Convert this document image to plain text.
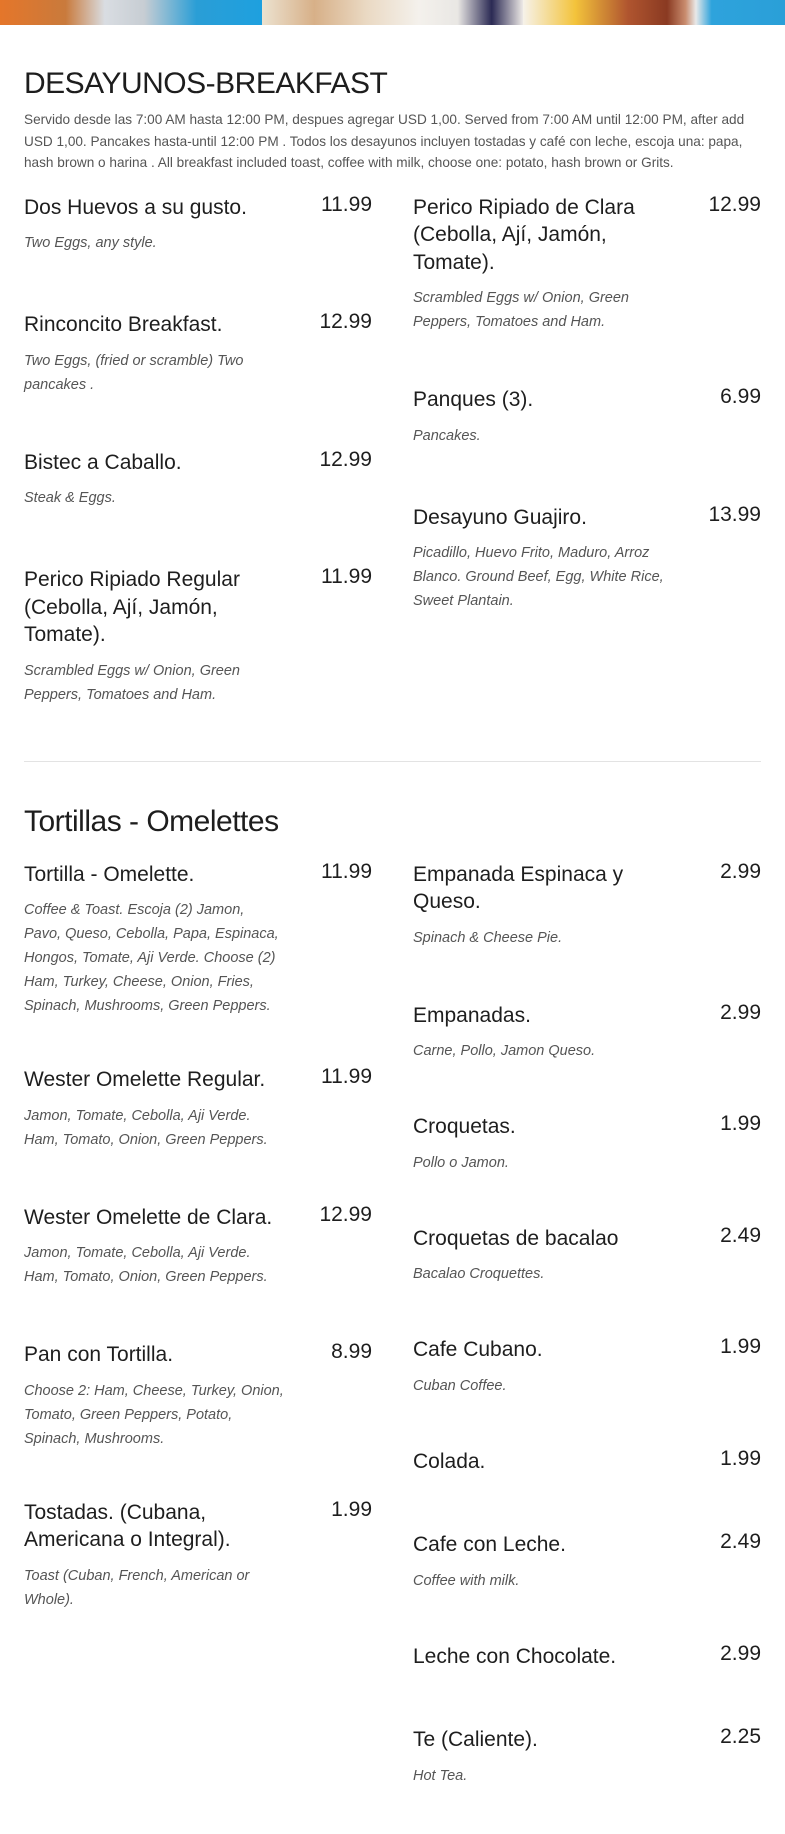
DESAYUNOS-BREAKFAST

Servido desde las 7:00 AM hasta 12:00 PM, despues agregar USD 1,00. Served from 7:00 AM until 12:00 PM, after add USD 1,00. Pancakes hasta-until 12:00 PM . Todos los desayunos incluyen tostadas y café con leche, escoja una: papa, hash brown o harina . All breakfast included toast, coffee with milk, choose one: potato, hash brown or Grits.

Dos Huevos a su gusto.	11.99
Two Eggs, any style.
Rinconcito Breakfast.	12.99
Two Eggs, (fried or scramble) Two pancakes .
Bistec a Caballo.	12.99
Steak & Eggs.
Perico Ripiado Regular (Cebolla, Ají, Jamón, Tomate).
11.99
Scrambled Eggs w/ Onion, Green Peppers, Tomatoes and Ham.
Perico Ripiado de Clara (Cebolla, Ají, Jamón, Tomate).
12.99
Scrambled Eggs w/ Onion, Green Peppers, Tomatoes and Ham.
Panques (3).	6.99
Pancakes.
Desayuno Guajiro.	13.99
Picadillo, Huevo Frito, Maduro, Arroz Blanco. Ground Beef, Egg, White Rice, Sweet Plantain.
Tortillas - Omelettes
Tortilla - Omelette.	11.99
Coffee & Toast. Escoja (2) Jamon, Pavo, Queso, Cebolla, Papa, Espinaca, Hongos, Tomate, Aji Verde. Choose (2) Ham, Turkey, Cheese, Onion, Fries, Spinach, Mushrooms, Green Peppers.
Wester Omelette Regular.	11.99
Jamon, Tomate, Cebolla, Aji Verde. Ham, Tomato, Onion, Green Peppers.
Wester Omelette de Clara. 12.99
Jamon, Tomate, Cebolla, Aji Verde. Ham, Tomato, Onion, Green Peppers.
Pan con Tortilla.	8.99
Choose 2: Ham, Cheese, Turkey, Onion, Tomato, Green Peppers, Potato, Spinach, Mushrooms.
Tostadas. (Cubana, Americana o Integral).
1.99
Toast (Cuban, French, American or Whole).
Empanada Espinaca y Queso.
2.99
Spinach & Cheese Pie.
Empanadas.	2.99
Carne, Pollo, Jamon Queso.
Croquetas.	1.99
Pollo o Jamon.
Croquetas de bacalao	2.49
Bacalao Croquettes.
Cafe Cubano.	1.99
Cuban Coffee.
Colada.	1.99
Cafe con Leche.	2.49
Coffee with milk.
Leche con Chocolate.	2.99
Te (Caliente).	2.25
Hot Tea.
